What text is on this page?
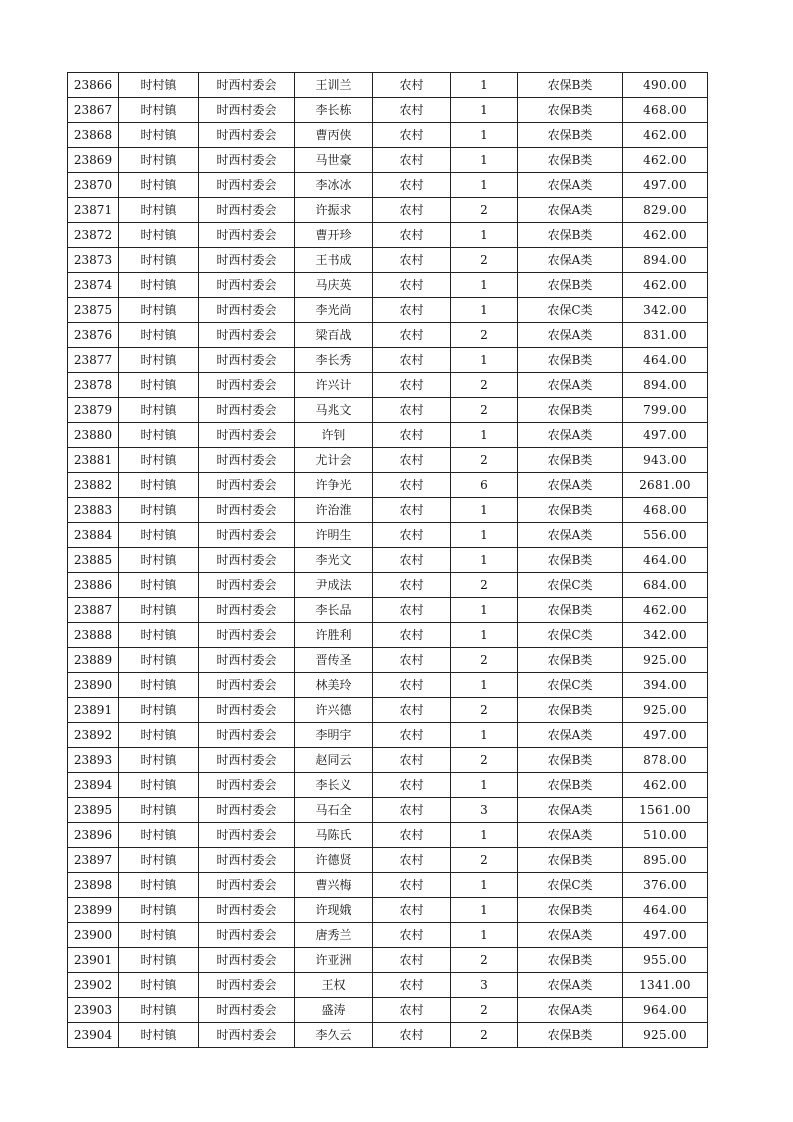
23866	时村镇	时西村委会	王训兰	农村	1	农保B类	490.00
23867	时村镇	时西村委会	李长栋	农村	1	农保B类	468.00
23868	时村镇	时西村委会	曹丙侠	农村	1	农保B类	462.00
23869	时村镇	时西村委会	马世豪	农村	1	农保B类	462.00
23870	时村镇	时西村委会	李冰冰	农村	1	农保A类	497.00
23871	时村镇	时西村委会	许振求	农村	2	农保A类	829.00
23872	时村镇	时西村委会	曹开珍	农村	1	农保B类	462.00
23873	时村镇	时西村委会	王书成	农村	2	农保A类	894.00
23874	时村镇	时西村委会	马庆英	农村	1	农保B类	462.00
23875	时村镇	时西村委会	李光尚	农村	1	农保C类	342.00
23876	时村镇	时西村委会	梁百战	农村	2	农保A类	831.00
23877	时村镇	时西村委会	李长秀	农村	1	农保B类	464.00
23878	时村镇	时西村委会	许兴计	农村	2	农保A类	894.00
23879	时村镇	时西村委会	马兆文	农村	2	农保B类	799.00
23880	时村镇	时西村委会	许钊	农村	1	农保A类	497.00
23881	时村镇	时西村委会	尤计会	农村	2	农保B类	943.00
23882	时村镇	时西村委会	许争光	农村	6	农保A类	2681.00
23883	时村镇	时西村委会	许治淮	农村	1	农保B类	468.00
23884	时村镇	时西村委会	许明生	农村	1	农保A类	556.00
23885	时村镇	时西村委会	李光文	农村	1	农保B类	464.00
23886	时村镇	时西村委会	尹成法	农村	2	农保C类	684.00
23887	时村镇	时西村委会	李长品	农村	1	农保B类	462.00
23888	时村镇	时西村委会	许胜利	农村	1	农保C类	342.00
23889	时村镇	时西村委会	晋传圣	农村	2	农保B类	925.00
23890	时村镇	时西村委会	林美玲	农村	1	农保C类	394.00
23891	时村镇	时西村委会	许兴德	农村	2	农保B类	925.00
23892	时村镇	时西村委会	李明宇	农村	1	农保A类	497.00
23893	时村镇	时西村委会	赵同云	农村	2	农保B类	878.00
23894	时村镇	时西村委会	李长义	农村	1	农保B类	462.00
23895	时村镇	时西村委会	马石全	农村	3	农保A类	1561.00
23896	时村镇	时西村委会	马陈氏	农村	1	农保A类	510.00
23897	时村镇	时西村委会	许德贤	农村	2	农保B类	895.00
23898	时村镇	时西村委会	曹兴梅	农村	1	农保C类	376.00
23899	时村镇	时西村委会	许现娥	农村	1	农保B类	464.00
23900	时村镇	时西村委会	唐秀兰	农村	1	农保A类	497.00
23901	时村镇	时西村委会	许亚洲	农村	2	农保B类	955.00
23902	时村镇	时西村委会	王权	农村	3	农保A类	1341.00
23903	时村镇	时西村委会	盛涛	农村	2	农保A类	964.00
23904	时村镇	时西村委会	李久云	农村	2	农保B类	925.00
